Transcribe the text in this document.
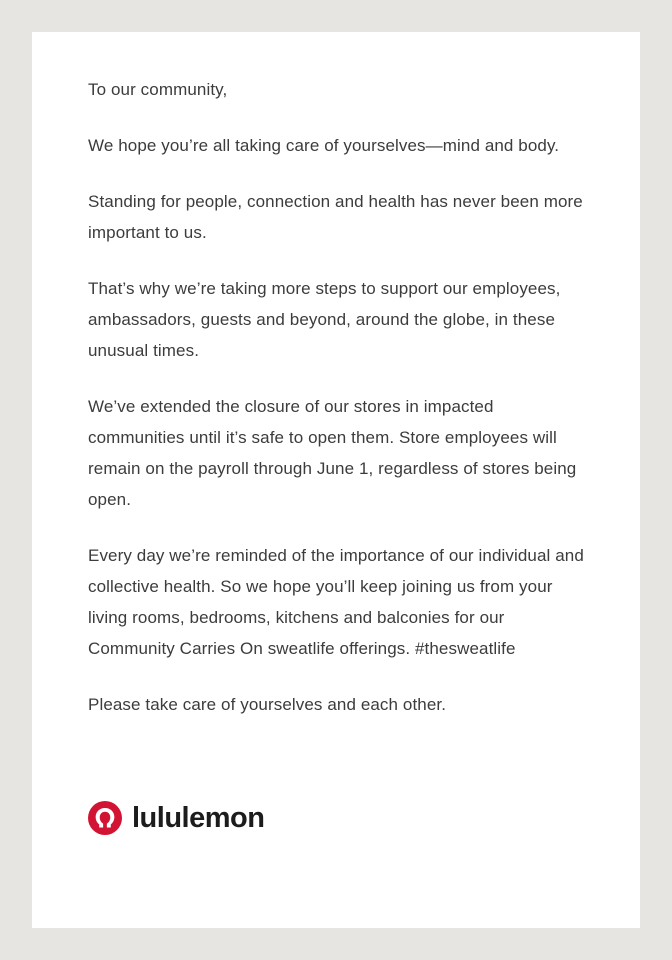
To our community,

We hope you’re all taking care of yourselves—mind and body.

Standing for people, connection and health has never been more important to us.

That’s why we’re taking more steps to support our employees, ambassadors, guests and beyond, around the globe, in these unusual times.

We’ve extended the closure of our stores in impacted communities until it’s safe to open them. Store employees will remain on the payroll through June 1, regardless of stores being open.

Every day we’re reminded of the importance of our individual and collective health. So we hope you’ll keep joining us from your living rooms, bedrooms, kitchens and balconies for our Community Carries On sweatlife offerings. #thesweatlife

Please take care of yourselves and each other.

lululemon
